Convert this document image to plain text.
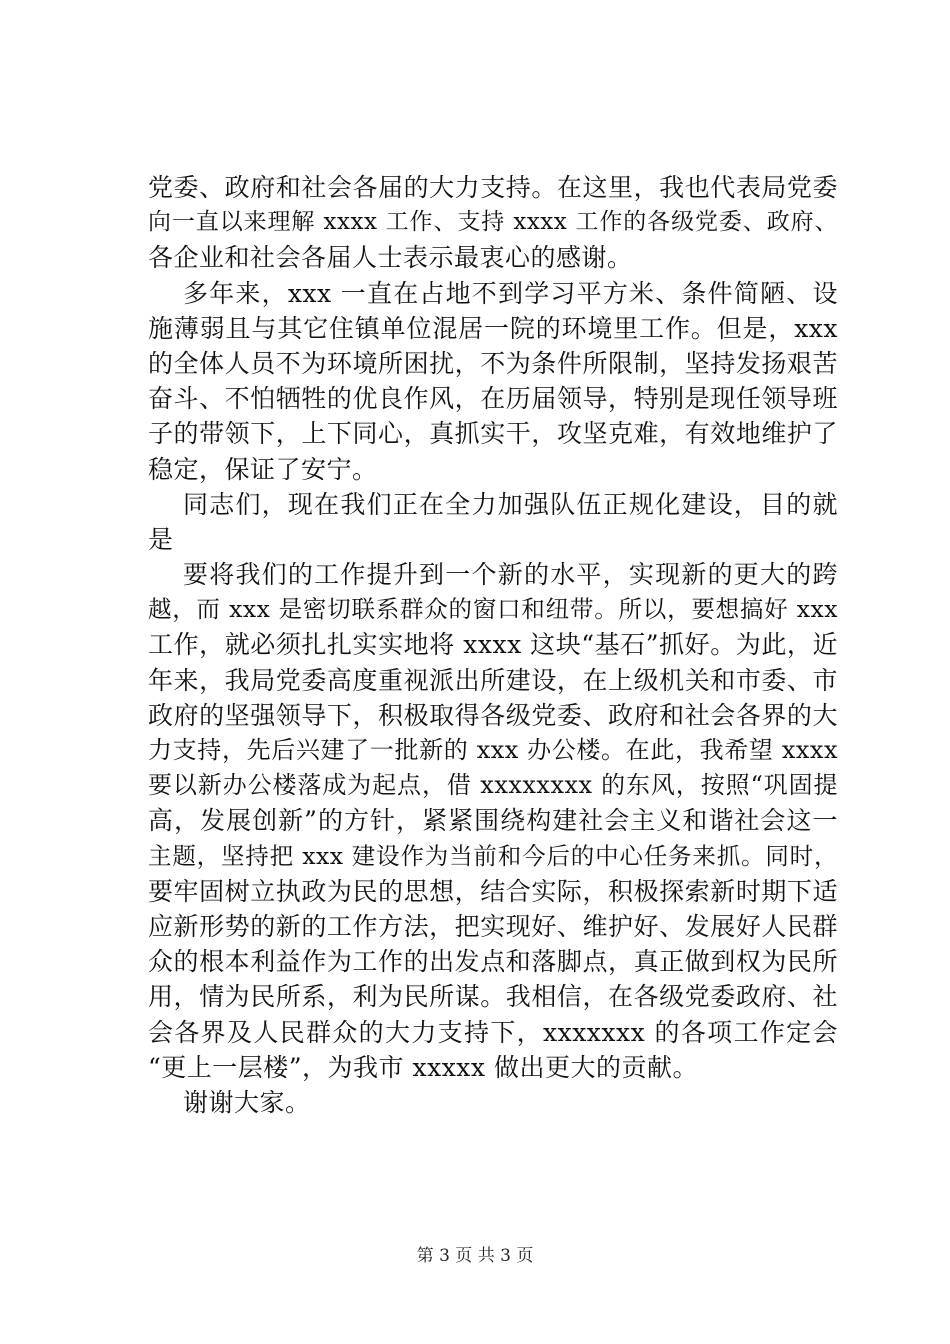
党委、政府和社会各届的大力支持。在这里，我也代表局党委
向一直以来理解 xxxx 工作、支持 xxxx 工作的各级党委、政府、
各企业和社会各届人士表示最衷心的感谢。
多年来，xxx 一直在占地不到学习平方米、条件简陋、设
施薄弱且与其它住镇单位混居一院的环境里工作。但是，xxx
的全体人员不为环境所困扰，不为条件所限制，坚持发扬艰苦
奋斗、不怕牺牲的优良作风，在历届领导，特别是现任领导班
子的带领下，上下同心，真抓实干，攻坚克难，有效地维护了
稳定，保证了安宁。
同志们，现在我们正在全力加强队伍正规化建设，目的就
是
要将我们的工作提升到一个新的水平，实现新的更大的跨
越，而 xxx 是密切联系群众的窗口和纽带。所以，要想搞好 xxx
工作，就必须扎扎实实地将 xxxx 这块“基石”抓好。为此，近
年来，我局党委高度重视派出所建设，在上级机关和市委、市
政府的坚强领导下，积极取得各级党委、政府和社会各界的大
力支持，先后兴建了一批新的 xxx 办公楼。在此，我希望 xxxx
要以新办公楼落成为起点，借 xxxxxxxx 的东风，按照“巩固提
高，发展创新”的方针，紧紧围绕构建社会主义和谐社会这一
主题，坚持把 xxx 建设作为当前和今后的中心任务来抓。同时，
要牢固树立执政为民的思想，结合实际，积极探索新时期下适
应新形势的新的工作方法，把实现好、维护好、发展好人民群
众的根本利益作为工作的出发点和落脚点，真正做到权为民所
用，情为民所系，利为民所谋。我相信，在各级党委政府、社
会各界及人民群众的大力支持下，xxxxxxx 的各项工作定会
“更上一层楼”，为我市 xxxxx 做出更大的贡献。
谢谢大家。
第 3 页 共 3 页
